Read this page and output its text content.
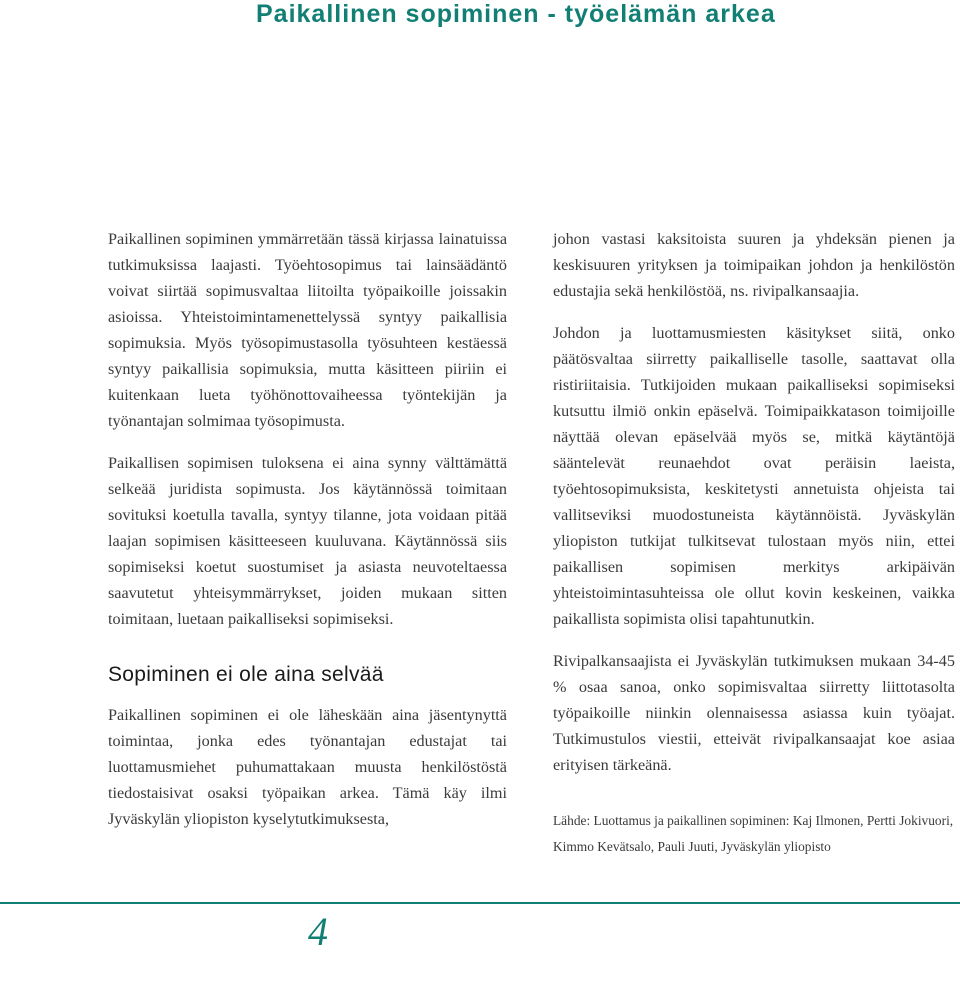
Paikallinen sopiminen - työelämän arkea

Paikallinen sopiminen ymmärretään tässä kirjassa lainatuissa tutkimuksissa laajasti. Työehtosopimus tai lainsäädäntö voivat siirtää sopimusvaltaa liitoilta työpaikoille joissakin asioissa. Yhteistoimintamenettelyssä syntyy paikallisia sopimuksia. Myös työsopimustasolla työsuhteen kestäessä syntyy paikallisia sopimuksia, mutta käsitteen piiriin ei kuitenkaan lueta työhönottovaiheessa työntekijän ja työnantajan solmimaa työsopimusta.

Paikallisen sopimisen tuloksena ei aina synny välttämättä selkeää juridista sopimusta. Jos käytännössä toimitaan sovituksi koetulla tavalla, syntyy tilanne, jota voidaan pitää laajan sopimisen käsitteeseen kuuluvana. Käytännössä siis sopimiseksi koetut suostumiset ja asiasta neuvoteltaessa saavutetut yhteisymmärrykset, joiden mukaan sitten toimitaan, luetaan paikalliseksi sopimiseksi.

Sopiminen ei ole aina selvää

Paikallinen sopiminen ei ole läheskään aina jäsentynyttä toimintaa, jonka edes työnantajan edustajat tai luottamusmiehet puhumattakaan muusta henkilöstöstä tiedostaisivat osaksi työpaikan arkea. Tämä käy ilmi Jyväskylän yliopiston kyselytutkimuksesta,

johon vastasi kaksitoista suuren ja yhdeksän pienen ja keskisuuren yrityksen ja toimipaikan johdon ja henkilöstön edustajia sekä henkilöstöä, ns. rivipalkansaajia.

Johdon ja luottamusmiesten käsitykset siitä, onko päätösvaltaa siirretty paikalliselle tasolle, saattavat olla ristiriitaisia. Tutkijoiden mukaan paikalliseksi sopimiseksi kutsuttu ilmiö onkin epäselvä. Toimipaikkatason toimijoille näyttää olevan epäselvää myös se, mitkä käytäntöjä sääntelevät reunaehdot ovat peräisin laeista, työehtosopimuksista, keskitetysti annetuista ohjeista tai vallitseviksi muodostuneista käytännöistä. Jyväskylän yliopiston tutkijat tulkitsevat tulostaan myös niin, ettei paikallisen sopimisen merkitys arkipäivän yhteistoimintasuhteissa ole ollut kovin keskeinen, vaikka paikallista sopimista olisi tapahtunutkin.

Rivipalkansaajista ei Jyväskylän tutkimuksen mukaan 34-45 % osaa sanoa, onko sopimisvaltaa siirretty liittotasolta työpaikoille niinkin olennaisessa asiassa kuin työajat. Tutkimustulos viestii, etteivät rivipalkansaajat koe asiaa erityisen tärkeänä.

Lähde: Luottamus ja paikallinen sopiminen: Kaj Ilmonen, Pertti Jokivuori, Kimmo Kevätsalo, Pauli Juuti, Jyväskylän yliopisto

4
